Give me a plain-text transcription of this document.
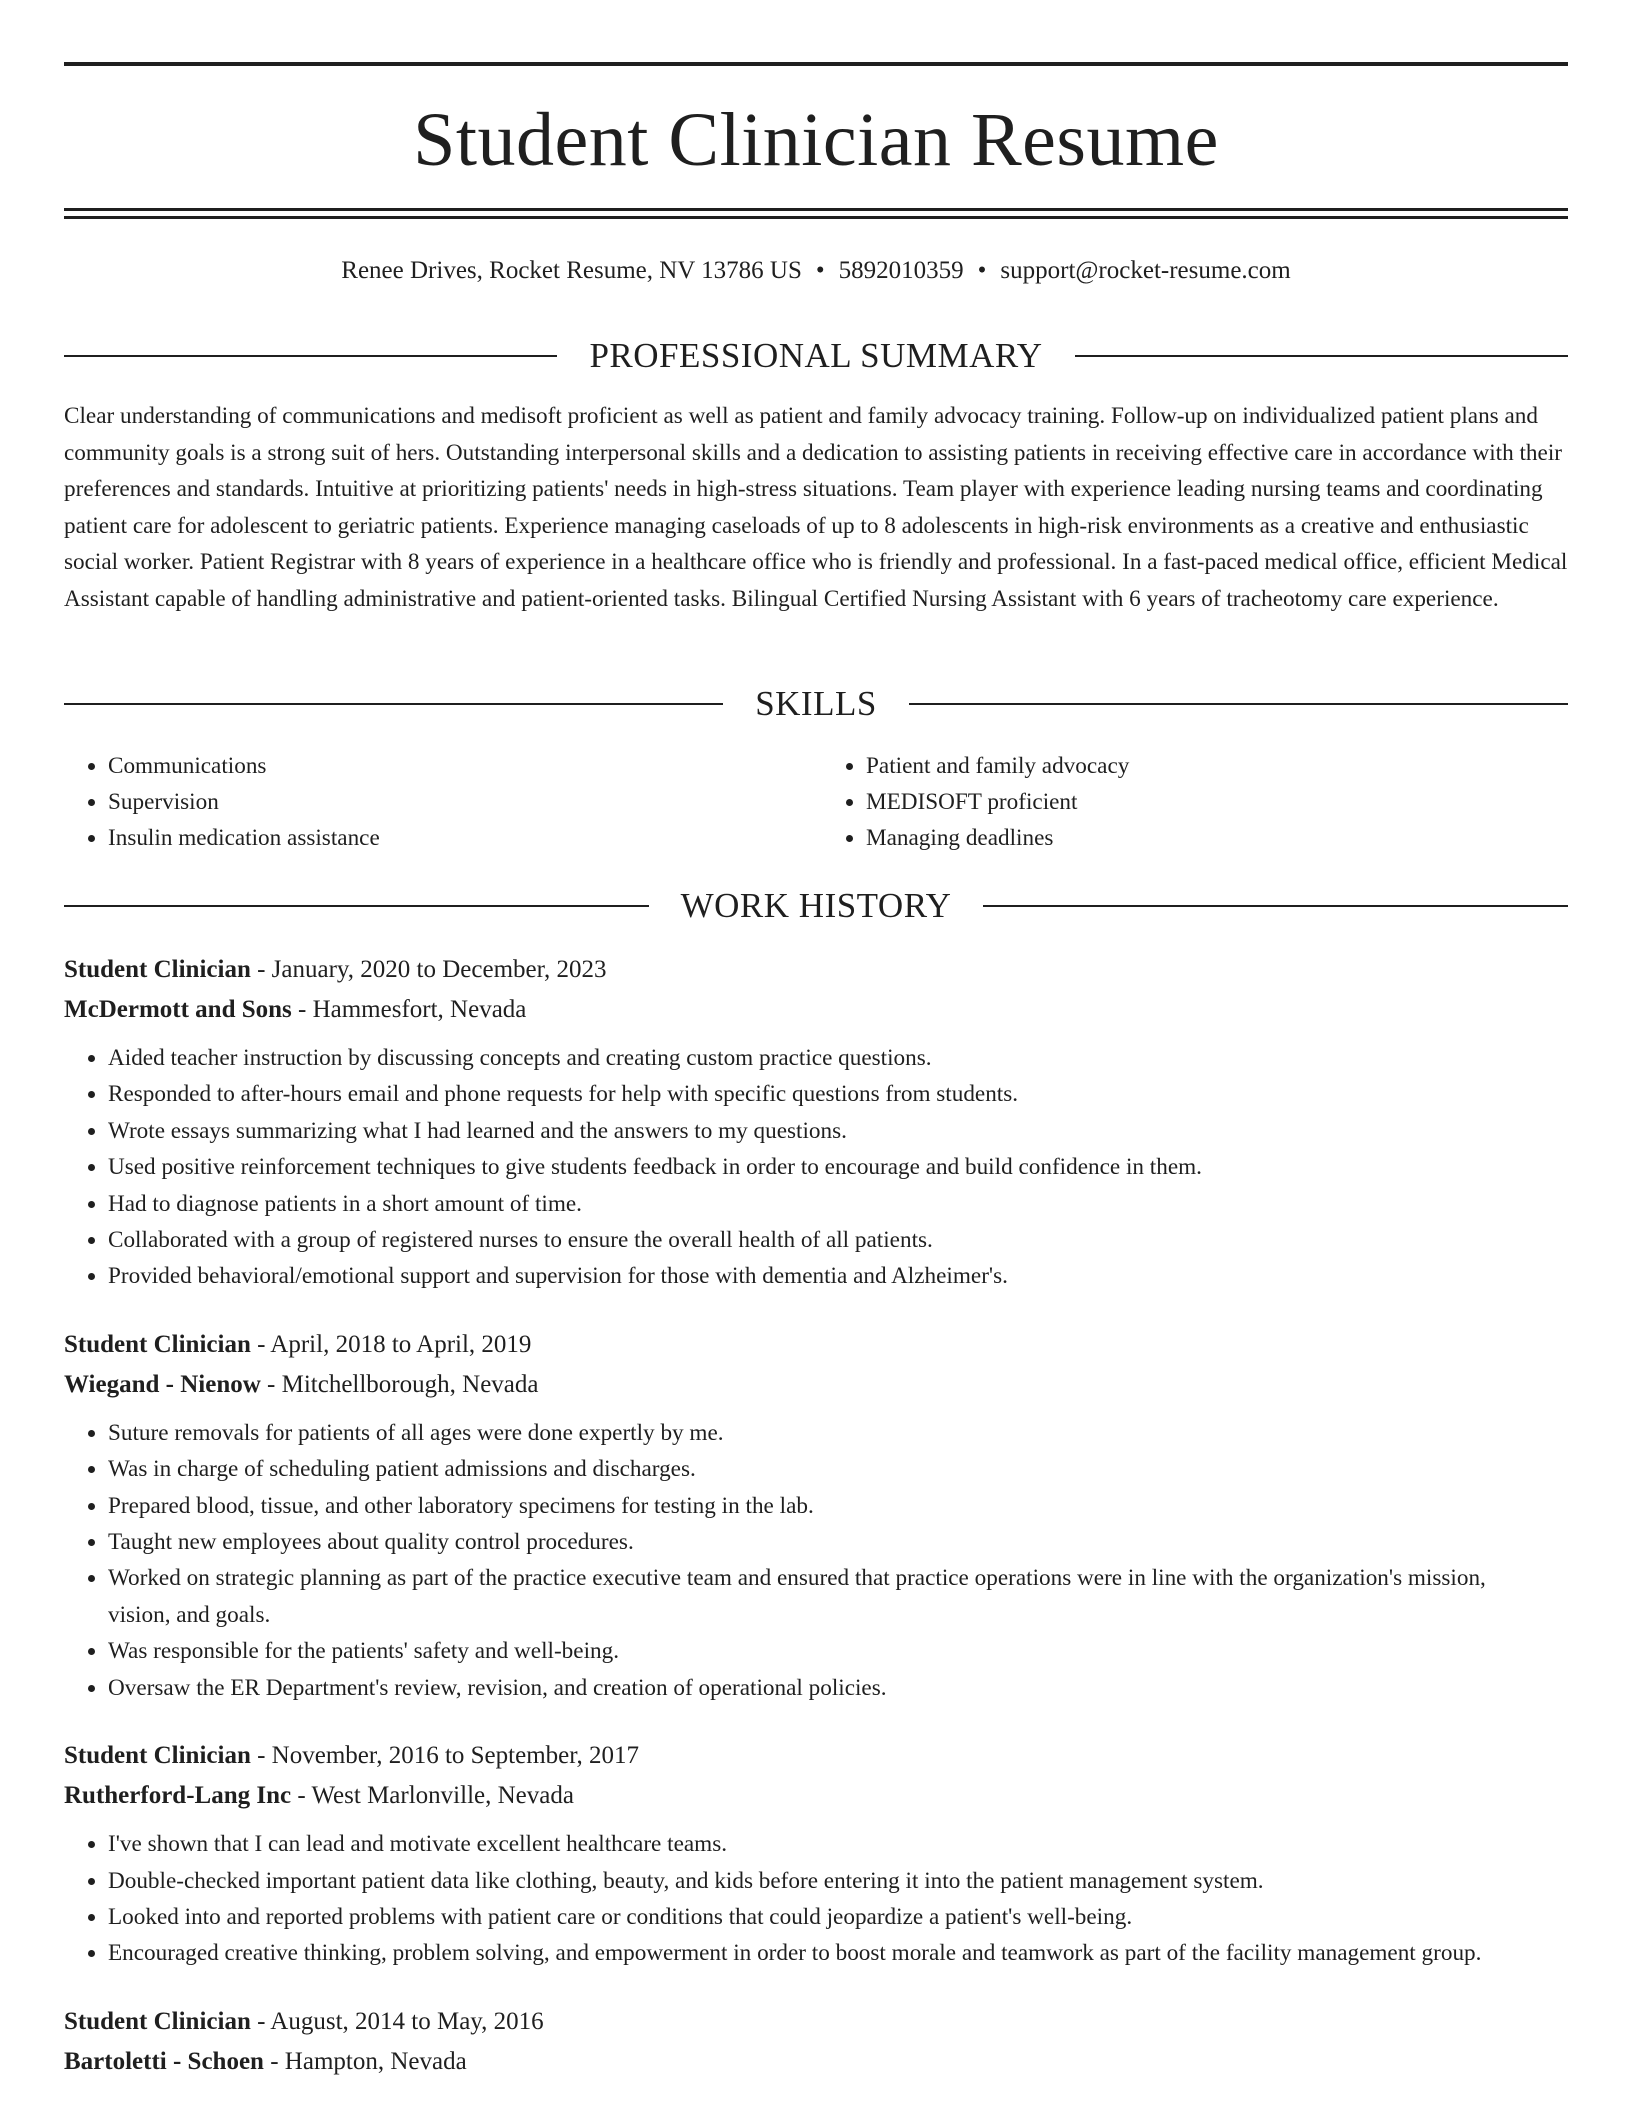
Student Clinician Resume
Renee Drives, Rocket Resume, NV 13786 US • 5892010359 • support@rocket-resume.com
PROFESSIONAL SUMMARY

Clear understanding of communications and medisoft proficient as well as patient and family advocacy training. Follow-up on individualized patient plans and community goals is a strong suit of hers. Outstanding interpersonal skills and a dedication to assisting patients in receiving effective care in accordance with their preferences and standards. Intuitive at prioritizing patients' needs in high-stress situations. Team player with experience leading nursing teams and coordinating patient care for adolescent to geriatric patients. Experience managing caseloads of up to 8 adolescents in high-risk environments as a creative and enthusiastic social worker. Patient Registrar with 8 years of experience in a healthcare office who is friendly and professional. In a fast-paced medical office, efficient Medical Assistant capable of handling administrative and patient-oriented tasks. Bilingual Certified Nursing Assistant with 6 years of tracheotomy care experience.

SKILLS
• Communications
• Supervision
• Insulin medication assistance
• Patient and family advocacy
• MEDISOFT proficient
• Managing deadlines
WORK HISTORY

Student Clinician - January, 2020 to December, 2023

McDermott and Sons - Hammesfort, Nevada

• Aided teacher instruction by discussing concepts and creating custom practice questions.
• Responded to after-hours email and phone requests for help with specific questions from students.
• Wrote essays summarizing what I had learned and the answers to my questions.
• Used positive reinforcement techniques to give students feedback in order to encourage and build confidence in them.
• Had to diagnose patients in a short amount of time.
• Collaborated with a group of registered nurses to ensure the overall health of all patients.
• Provided behavioral/emotional support and supervision for those with dementia and Alzheimer's.

Student Clinician - April, 2018 to April, 2019

Wiegand - Nienow - Mitchellborough, Nevada

• Suture removals for patients of all ages were done expertly by me.
• Was in charge of scheduling patient admissions and discharges.
• Prepared blood, tissue, and other laboratory specimens for testing in the lab.
• Taught new employees about quality control procedures.
• Worked on strategic planning as part of the practice executive team and ensured that practice operations were in line with the organization's mission, vision, and goals.
• Was responsible for the patients' safety and well-being.
• Oversaw the ER Department's review, revision, and creation of operational policies.

Student Clinician - November, 2016 to September, 2017

Rutherford-Lang Inc - West Marlonville, Nevada

• I've shown that I can lead and motivate excellent healthcare teams.
• Double-checked important patient data like clothing, beauty, and kids before entering it into the patient management system.
• Looked into and reported problems with patient care or conditions that could jeopardize a patient's well-being.
• Encouraged creative thinking, problem solving, and empowerment in order to boost morale and teamwork as part of the facility management group.

Student Clinician - August, 2014 to May, 2016

Bartoletti - Schoen - Hampton, Nevada
